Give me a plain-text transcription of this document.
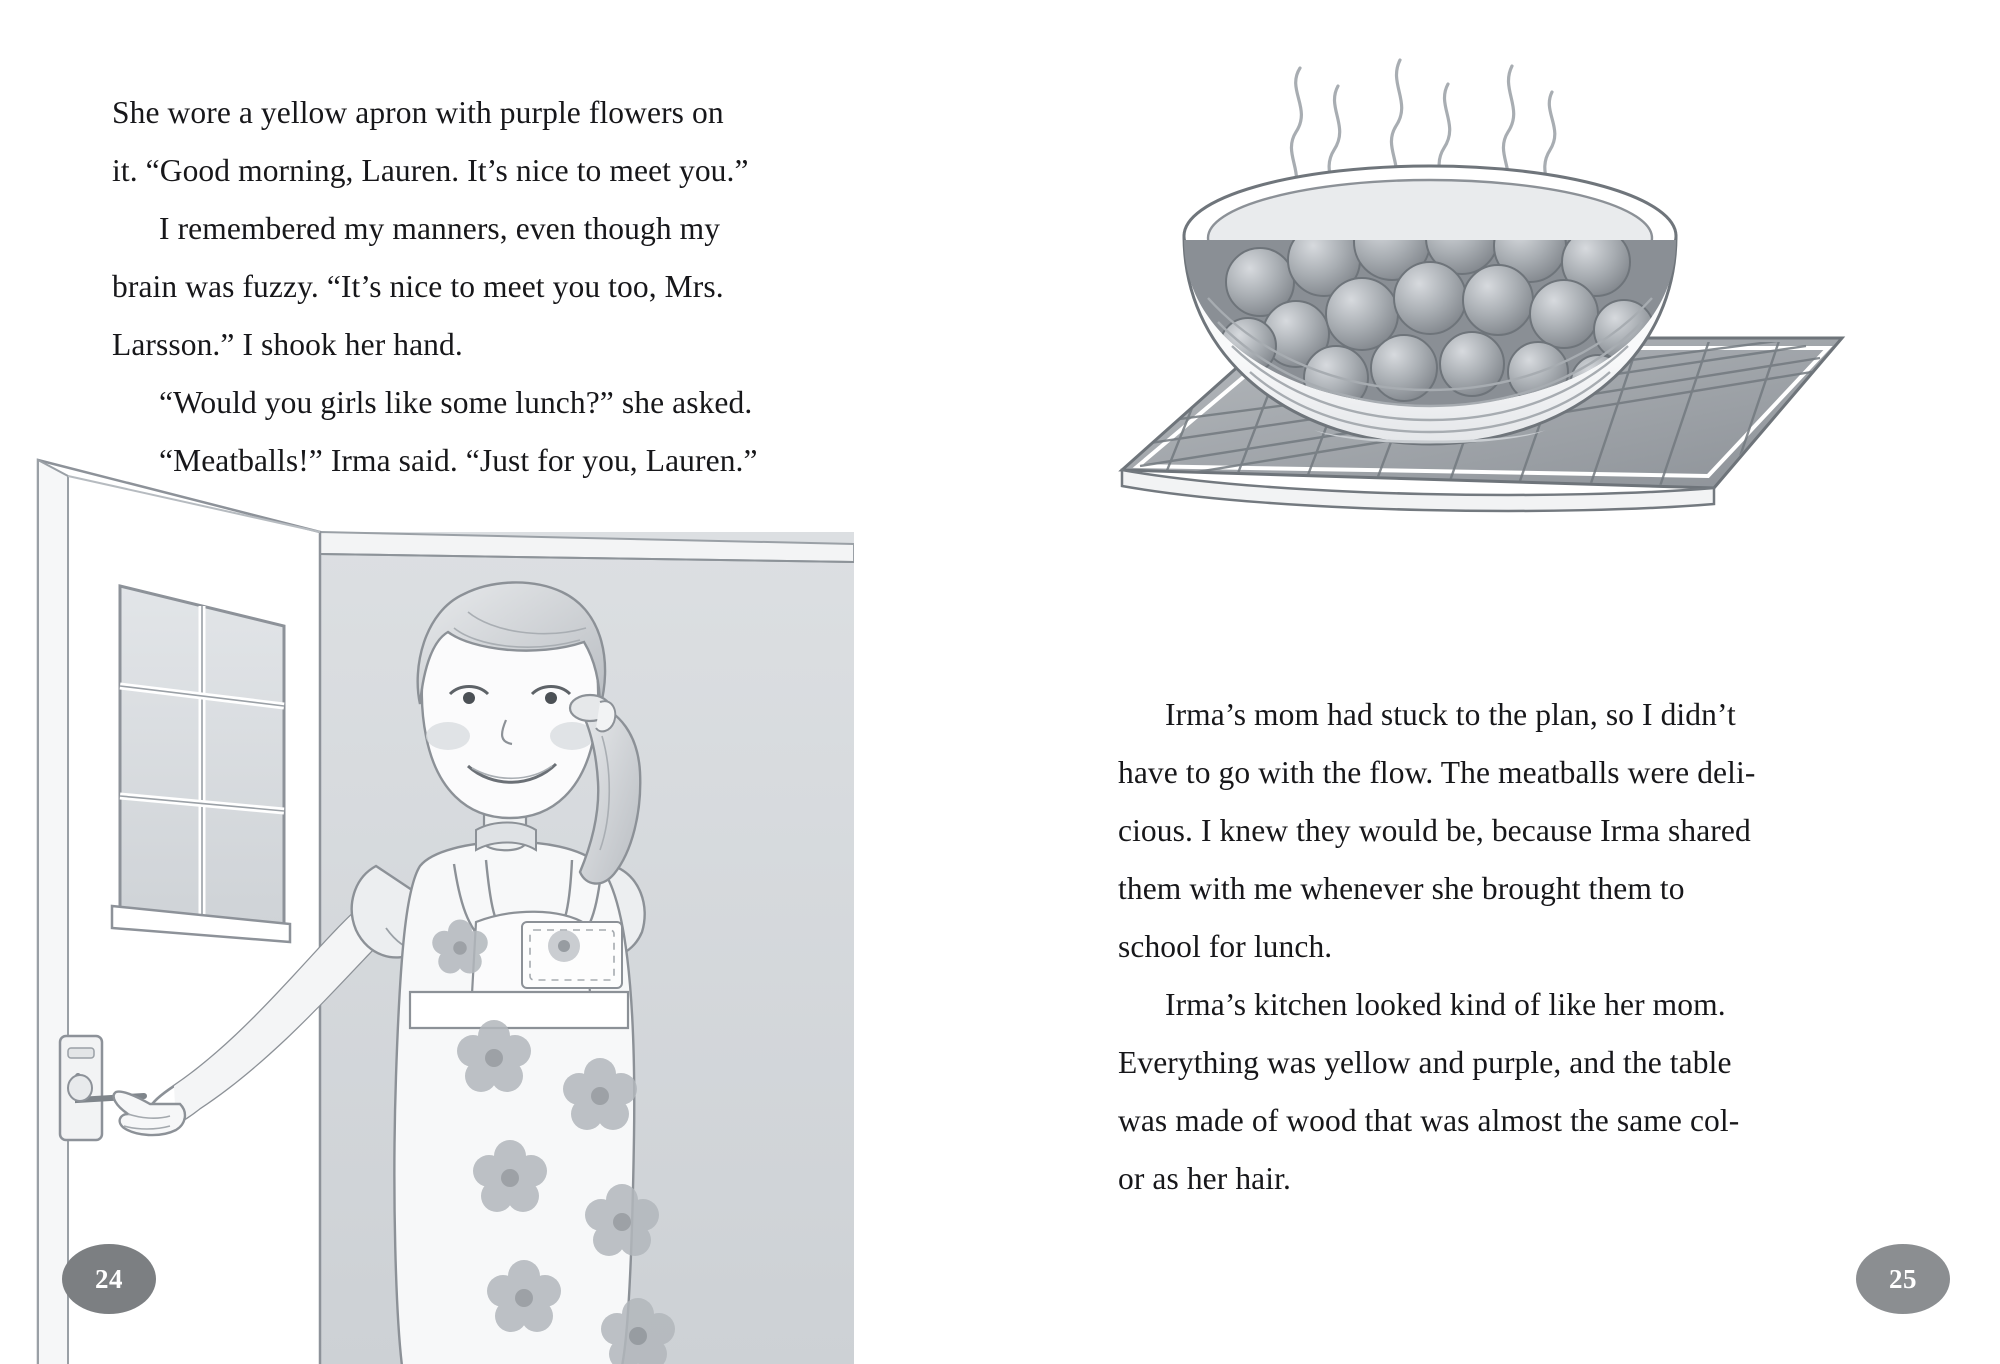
She wore a yellow apron with purple flowers on

it. “Good morning, Lauren. It’s nice to meet you.”

I remembered my manners, even though my

brain was fuzzy. “It’s nice to meet you too, Mrs.

Larsson.” I shook her hand.

“Would you girls like some lunch?” she asked.

“Meatballs!” Irma said. “Just for you, Lauren.”

Irma’s mom had stuck to the plan, so I didn’t

have to go with the flow. The meatballs were deli-

cious. I knew they would be, because Irma shared

them with me whenever she brought them to

school for lunch.

Irma’s kitchen looked kind of like her mom.

Everything was yellow and purple, and the table

was made of wood that was almost the same col-

or as her hair.

24	25
